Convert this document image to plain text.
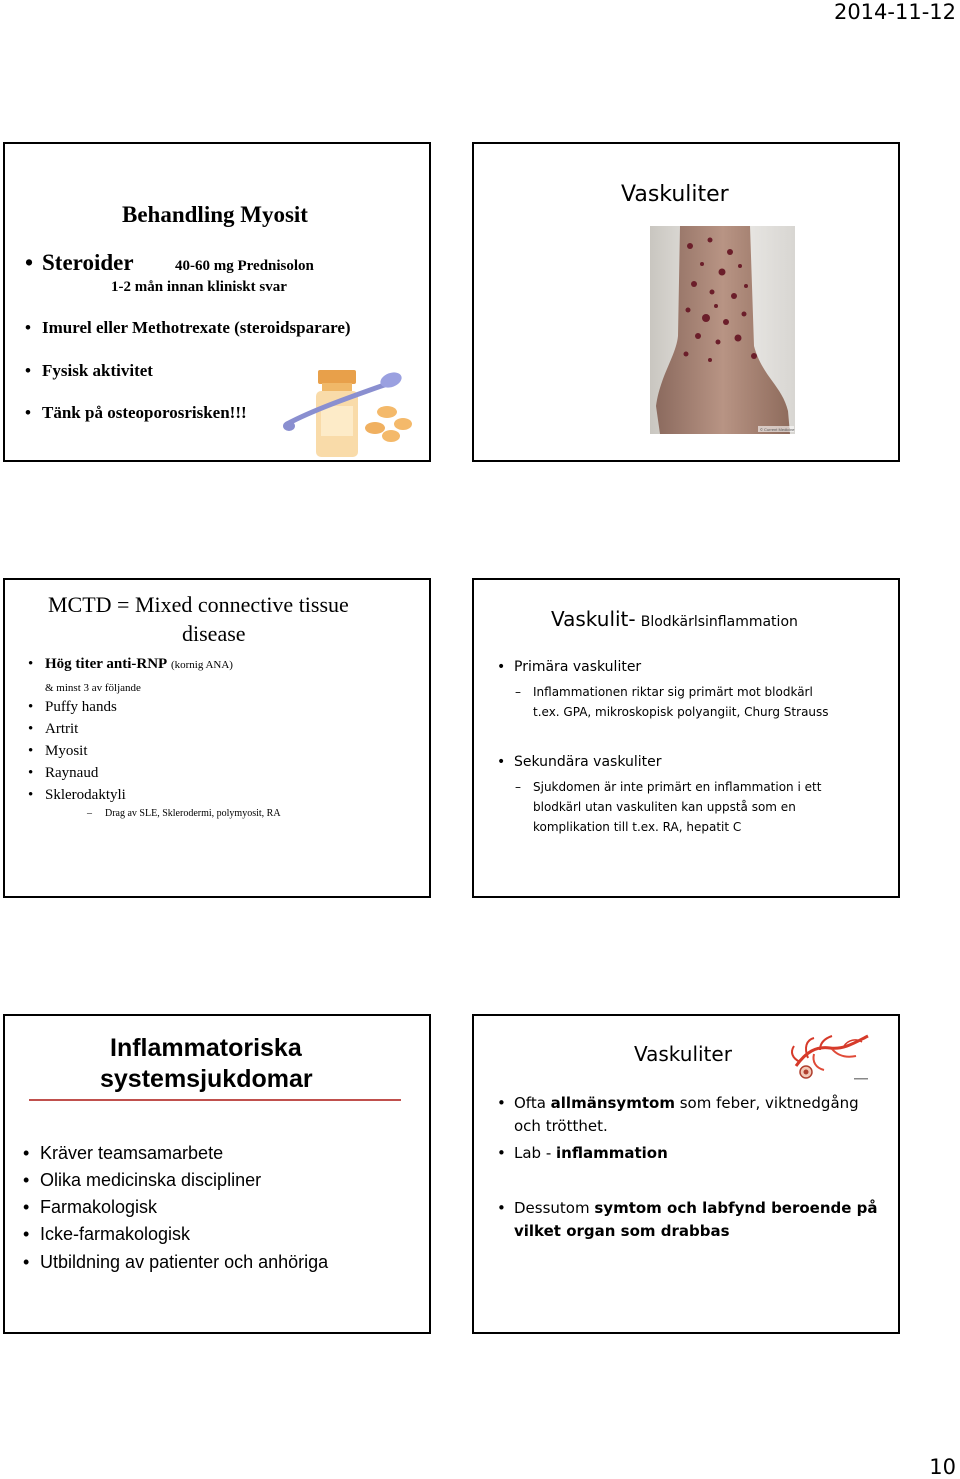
2014-11-12
Behandling Myosit
• Steroider	40-60 mg Prednisolon
1-2 mån innan kliniskt svar
• Imurel eller Methotrexate (steroidsparare)
• Fysisk aktivitet
• Tänk på osteoporosrisken!!!
Vaskuliter
© Current Medicine
MCTD = Mixed connective tissue
disease
• Hög titer anti-RNP (kornig ANA)
& minst 3 av följande
• Puffy hands
• Artrit
• Myosit
• Raynaud
• Sklerodaktyli
– Drag av SLE, Sklerodermi, polymyosit, RA
Vaskulit- Blodkärlsinflammation
• Primära vaskuliter
– Inflammationen riktar sig primärt mot blodkärl
t.ex. GPA, mikroskopisk polyangiit, Churg Strauss
• Sekundära vaskuliter
– Sjukdomen är inte primärt en inflammation i ett
blodkärl utan vaskuliten kan uppstå som en
komplikation till t.ex. RA, hepatit C
Inflammatoriska
systemsjukdomar
• Kräver teamsamarbete
• Olika medicinska discipliner
• Farmakologisk
• Icke-farmakologisk
• Utbildning av patienter och anhöriga
Vaskuliter
• Ofta allmänsymtom som feber, viktnedgång
och trötthet.
• Lab - inflammation
• Dessutom symtom och labfynd beroende på
vilket organ som drabbas
10
